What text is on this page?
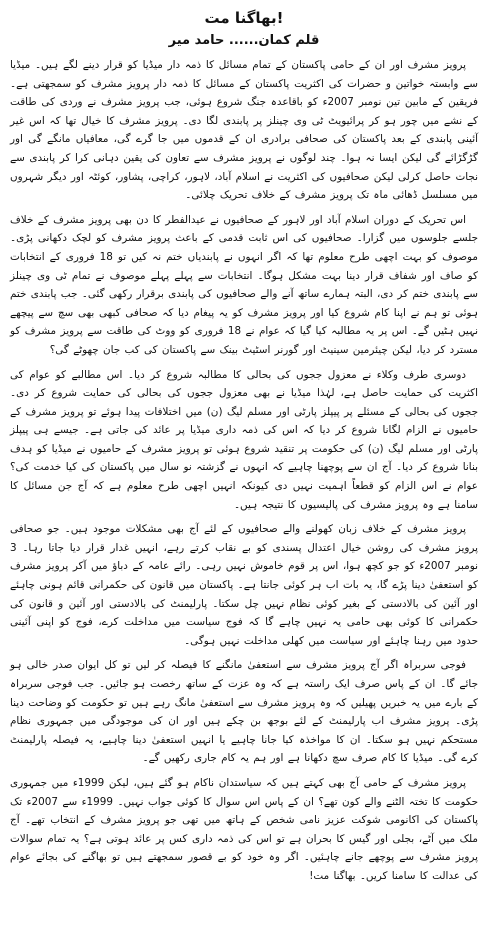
بھاگنا مت!
قلم کمان...... حامد میر

پرویز مشرف اور ان کے حامی پاکستان کے تمام مسائل کا ذمہ دار میڈیا کو قرار دینے لگے ہیں۔ میڈیا سے وابستہ خواتین و حضرات کی اکثریت پاکستان کے مسائل کا ذمہ دار پرویز مشرف کو سمجھتی ہے۔ فریقین کے مابین تین نومبر 2007ء کو باقاعدہ جنگ شروع ہوئی، جب پرویز مشرف نے وردی کی طاقت کے نشے میں چور ہو کر پرائیویٹ ٹی وی چینلز پر پابندی لگا دی۔ پرویز مشرف کا خیال تھا کہ اس غیر آئینی پابندی کے بعد پاکستان کی صحافی برادری ان کے قدموں میں جا گرے گی، معافیاں مانگے گی اور گڑگڑائے گی لیکن ایسا نہ ہوا۔ چند لوگوں نے پرویز مشرف سے تعاون کی یقین دہانی کرا کر پابندی سے نجات حاصل کرلی لیکن صحافیوں کی اکثریت نے اسلام آباد، لاہور، کراچی، پشاور، کوئٹہ اور دیگر شہروں میں مسلسل ڈھائی ماہ تک پرویز مشرف کے خلاف تحریک چلائی۔

اس تحریک کے دوران اسلام آباد اور لاہور کے صحافیوں نے عیدالفطر کا دن بھی پرویز مشرف کے خلاف جلسے جلوسوں میں گزارا۔ صحافیوں کی اس ثابت قدمی کے باعث پرویز مشرف کو لچک دکھانی پڑی۔ موصوف کو بہت اچھی طرح معلوم تھا کہ اگر انہوں نے پابندیاں ختم نہ کیں تو 18 فروری کے انتخابات کو صاف اور شفاف قرار دینا بہت مشکل ہوگا۔ انتخابات سے پہلے پہلے موصوف نے تمام ٹی وی چینلز سے پابندی ختم کر دی، البتہ ہمارے ساتھ آنے والے صحافیوں کی پابندی برقرار رکھی گئی۔ جب پابندی ختم ہوئی تو ہم نے اپنا کام شروع کیا اور پرویز مشرف کو یہ پیغام دیا کہ صحافی کبھی بھی سچ سے پیچھے نہیں ہٹیں گے۔ اس پر یہ مطالبہ کیا گیا کہ عوام نے 18 فروری کو ووٹ کی طاقت سے پرویز مشرف کو مسترد کر دیا، لیکن چیئرمین سینیٹ اور گورنر اسٹیٹ بینک سے پاکستان کی کب جان چھوٹے گی؟

دوسری طرف وکلاء نے معزول ججوں کی بحالی کا مطالبہ شروع کر دیا۔ اس مطالبے کو عوام کی اکثریت کی حمایت حاصل ہے، لہٰذا میڈیا نے بھی معزول ججوں کی بحالی کی حمایت شروع کر دی۔ ججوں کی بحالی کے مسئلے پر پیپلز پارٹی اور مسلم لیگ (ن) میں اختلافات پیدا ہوئے تو پرویز مشرف کے حامیوں نے الزام لگانا شروع کر دیا کہ اس کی ذمہ داری میڈیا پر عائد کی جاتی ہے۔ جیسے ہی پیپلز پارٹی اور مسلم لیگ (ن) کی حکومت پر تنقید شروع ہوئی تو پرویز مشرف کے حامیوں نے میڈیا کو ہدف بنانا شروع کر دیا۔ آج ان سے پوچھنا چاہیے کہ انہوں نے گزشتہ نو سال میں پاکستان کی کیا خدمت کی؟ عوام نے اس الزام کو قطعاً اہمیت نہیں دی کیونکہ انہیں اچھی طرح معلوم ہے کہ آج جن مسائل کا سامنا ہے وہ پرویز مشرف کی پالیسیوں کا نتیجہ ہیں۔

پرویز مشرف کے خلاف زبان کھولنے والے صحافیوں کے لئے آج بھی مشکلات موجود ہیں۔ جو صحافی پرویز مشرف کی روشن خیال اعتدال پسندی کو بے نقاب کرتے رہے، انہیں غدار قرار دیا جاتا رہا۔ 3 نومبر 2007ء کو جو کچھ ہوا، اس پر قوم خاموش نہیں رہی۔ رائے عامہ کے دباؤ میں آکر پرویز مشرف کو استعفیٰ دینا پڑے گا، یہ بات اب ہر کوئی جانتا ہے۔ پاکستان میں قانون کی حکمرانی قائم ہونی چاہئے اور آئین کی بالادستی کے بغیر کوئی نظام نہیں چل سکتا۔ پارلیمنٹ کی بالادستی اور آئین و قانون کی حکمرانی کا کوئی بھی حامی یہ نہیں چاہے گا کہ فوج سیاست میں مداخلت کرے، فوج کو اپنی آئینی حدود میں رہنا چاہئے اور سیاست میں کھلی مداخلت نہیں ہوگی۔

فوجی سربراہ اگر آج پرویز مشرف سے استعفیٰ مانگنے کا فیصلہ کر لیں تو کل ایوان صدر خالی ہو جائے گا۔ ان کے پاس صرف ایک راستہ ہے کہ وہ عزت کے ساتھ رخصت ہو جائیں۔ جب فوجی سربراہ کے بارے میں یہ خبریں پھیلیں کہ وہ پرویز مشرف سے استعفیٰ مانگ رہے ہیں تو حکومت کو وضاحت دینا پڑی۔ پرویز مشرف اب پارلیمنٹ کے لئے بوجھ بن چکے ہیں اور ان کی موجودگی میں جمہوری نظام مستحکم نہیں ہو سکتا۔ ان کا مواخذہ کیا جانا چاہیے یا انہیں استعفیٰ دینا چاہیے، یہ فیصلہ پارلیمنٹ کرے گی۔ میڈیا کا کام صرف سچ دکھانا ہے اور ہم یہ کام جاری رکھیں گے۔

پرویز مشرف کے حامی آج بھی کہتے ہیں کہ سیاستدان ناکام ہو گئے ہیں، لیکن 1999ء میں جمہوری حکومت کا تختہ الٹنے والے کون تھے؟ ان کے پاس اس سوال کا کوئی جواب نہیں۔ 1999ء سے 2007ء تک پاکستان کی اکانومی شوکت عزیز نامی شخص کے ہاتھ میں تھی جو پرویز مشرف کے انتخاب تھے۔ آج ملک میں آٹے، بجلی اور گیس کا بحران ہے تو اس کی ذمہ داری کس پر عائد ہوتی ہے؟ یہ تمام سوالات پرویز مشرف سے پوچھے جانے چاہئیں۔ اگر وہ خود کو بے قصور سمجھتے ہیں تو بھاگنے کی بجائے عوام کی عدالت کا سامنا کریں۔ بھاگنا مت!
